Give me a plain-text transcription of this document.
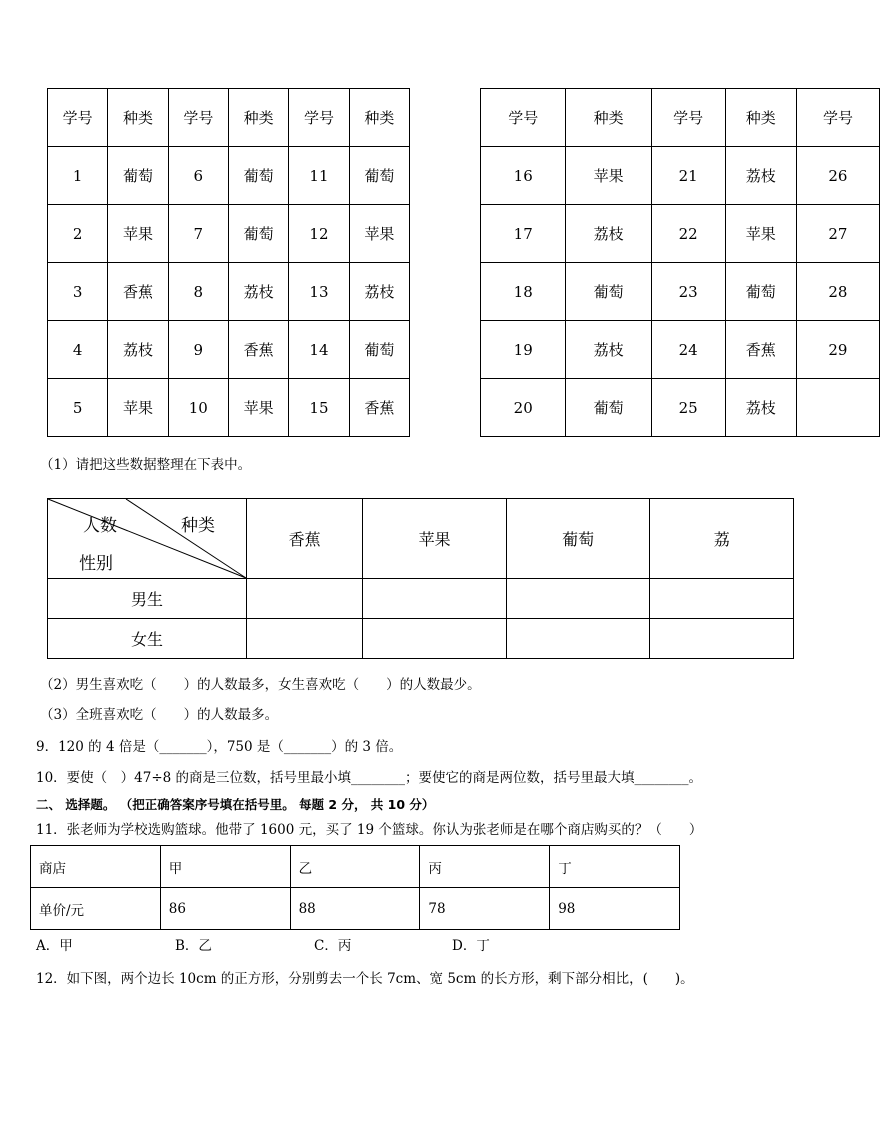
学号	种类	学号	种类	学号	种类
1	葡萄	6	葡萄	11	葡萄
2	苹果	7	葡萄	12	苹果
3	香蕉	8	荔枝	13	荔枝
4	荔枝	9	香蕉	14	葡萄
5	苹果	10	苹果	15	香蕉
学号	种类	学号	种类	学号
16	苹果	21	荔枝	26
17	荔枝	22	苹果	27
18	葡萄	23	葡萄	28
19	荔枝	24	香蕉	29
20	葡萄	25	荔枝	
（1）请把这些数据整理在下表中。
人数 种类
性别	香蕉	苹果	葡萄	荔
男生				
女生				
（2）男生喜欢吃（　　）的人数最多，女生喜欢吃（　　）的人数最少。
（3）全班喜欢吃（　　）的人数最多。
9．120 的 4 倍是（_______），750 是（_______）的 3 倍。
10．要使（　）47÷8 的商是三位数，括号里最小填________；要使它的商是两位数，括号里最大填________。
二、 选择题。 （把正确答案序号填在括号里。 每题 2 分， 共 10 分）
11．张老师为学校选购篮球。他带了 1600 元，买了 19 个篮球。你认为张老师是在哪个商店购买的？（　　）
商店	甲	乙	丙	丁
单价/元	86	88	78	98
A．甲	B．乙	C．丙	D．丁
12．如下图，两个边长 10cm 的正方形，分别剪去一个长 7cm、宽 5cm 的长方形，剩下部分相比，(　　)。
